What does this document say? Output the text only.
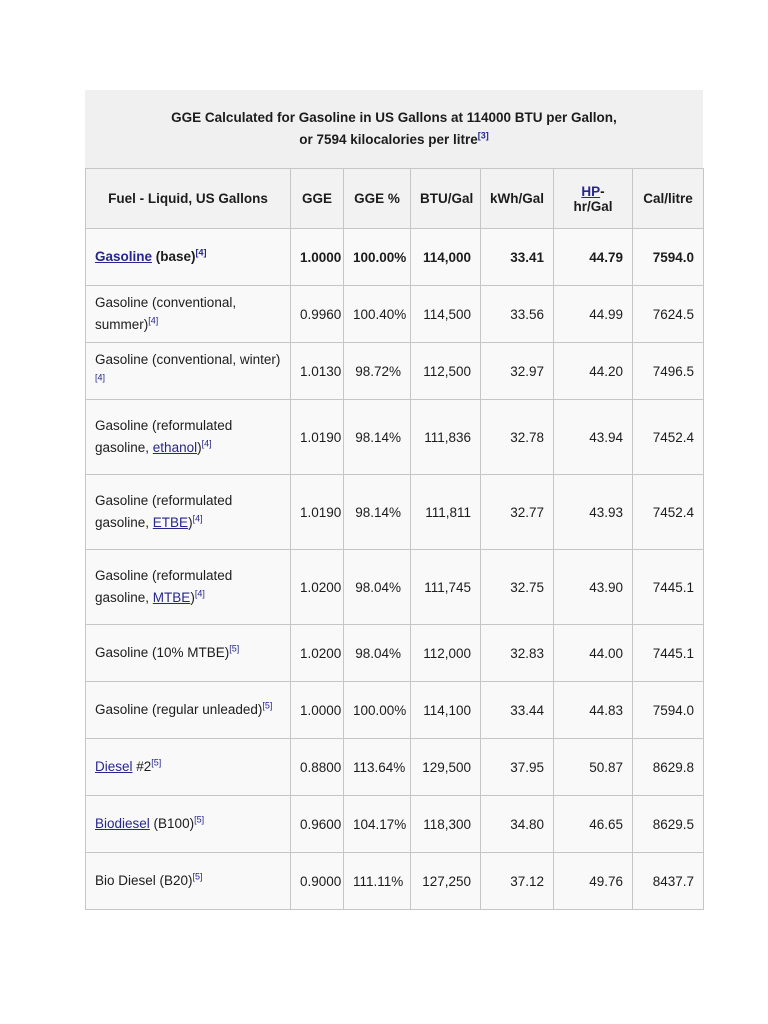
GGE Calculated for Gasoline in US Gallons at 114000 BTU per Gallon,
or 7594 kilocalories per litre[3]
Fuel - Liquid, US Gallons	GGE	GGE %	BTU/Gal	kWh/Gal	HP-hr/Gal	Cal/litre
Gasoline (base)[4]	1.0000	100.00%	114,000	33.41	44.79	7594.0
Gasoline (conventional, summer)[4]	0.9960	100.40%	114,500	33.56	44.99	7624.5
Gasoline (conventional, winter)[4]	1.0130	98.72%	112,500	32.97	44.20	7496.5
Gasoline (reformulated
gasoline, ethanol)[4]	1.0190	98.14%	111,836	32.78	43.94	7452.4
Gasoline (reformulated
gasoline, ETBE)[4]	1.0190	98.14%	111,811	32.77	43.93	7452.4
Gasoline (reformulated
gasoline, MTBE)[4]	1.0200	98.04%	111,745	32.75	43.90	7445.1
Gasoline (10% MTBE)[5]	1.0200	98.04%	112,000	32.83	44.00	7445.1
Gasoline (regular unleaded)[5]	1.0000	100.00%	114,100	33.44	44.83	7594.0
Diesel #2[5]	0.8800	113.64%	129,500	37.95	50.87	8629.8
Biodiesel (B100)[5]	0.9600	104.17%	118,300	34.80	46.65	8629.5
Bio Diesel (B20)[5]	0.9000	111.11%	127,250	37.12	49.76	8437.7
